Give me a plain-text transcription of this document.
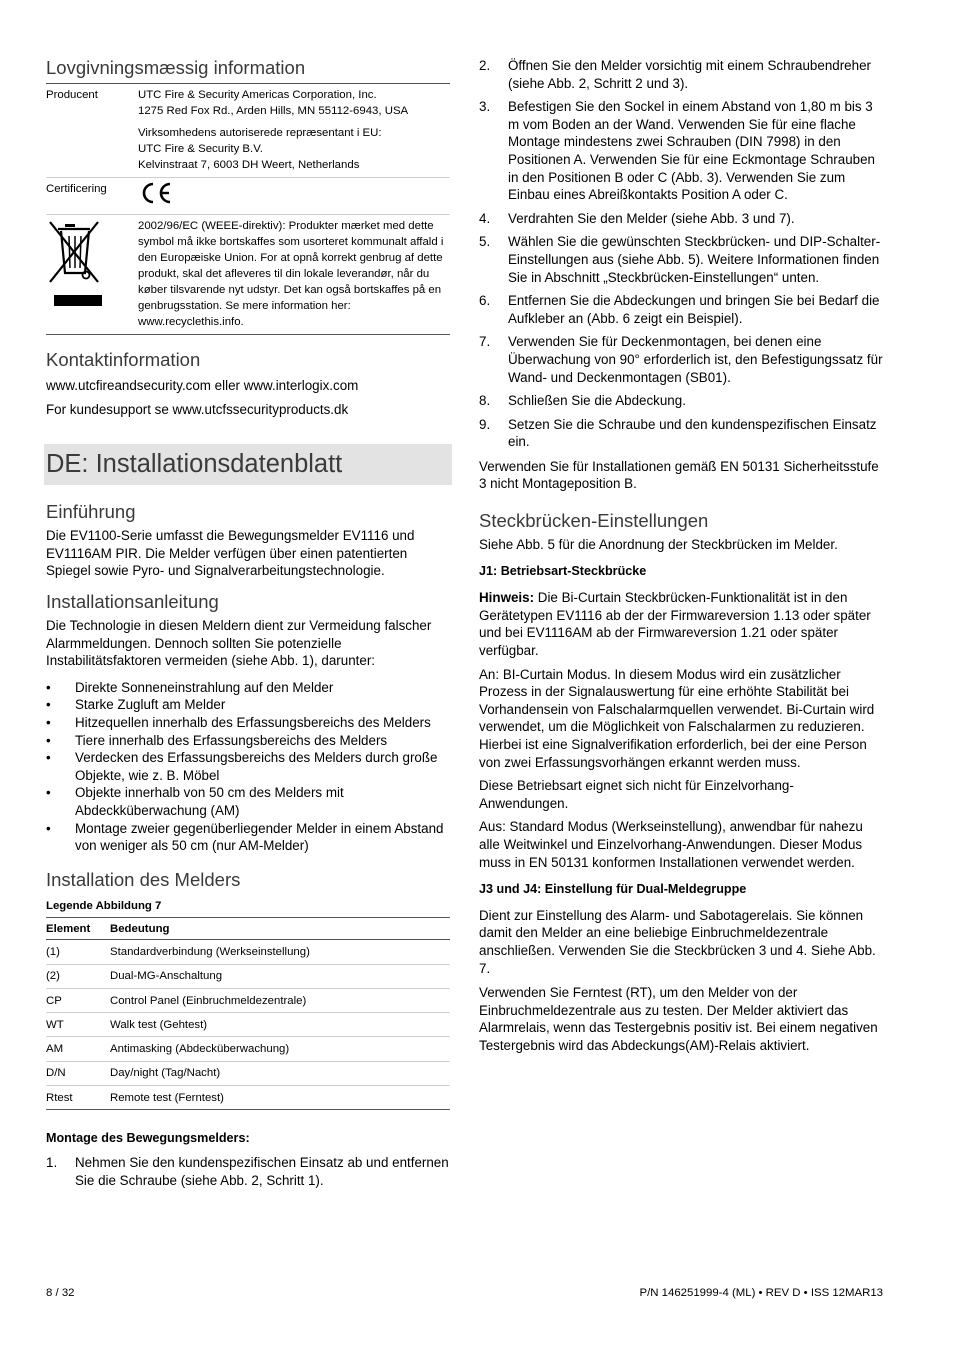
Lovgivningsmæssig information
Producent	UTC Fire & Security Americas Corporation, Inc.
1275 Red Fox Rd., Arden Hills, MN 55112-6943, USA
Virksomhedens autoriserede repræsentant i EU:
UTC Fire & Security B.V.
Kelvinstraat 7, 6003 DH Weert, Netherlands

Certificering	
	2002/96/EC (WEEE-direktiv): Produkter mærket med dette symbol må ikke bortskaffes som usorteret kommunalt affald i den Europæiske Union. For at opnå korrekt genbrug af dette produkt, skal det afleveres til din lokale leverandør, når du køber tilsvarende nyt udstyr. Det kan også bortskaffes på en genbrugsstation. Se mere information her: www.recyclethis.info.
Kontaktinformation

www.utcfireandsecurity.com eller www.interlogix.com

For kundesupport se www.utcfssecurityproducts.dk

DE: Installationsdatenblatt
Einführung

Die EV1100-Serie umfasst die Bewegungsmelder EV1116 und EV1116AM PIR. Die Melder verfügen über einen patentierten Spiegel sowie Pyro- und Signalverarbeitungstechnologie.

Installationsanleitung

Die Technologie in diesen Meldern dient zur Vermeidung falscher Alarmmeldungen. Dennoch sollten Sie potenzielle Instabilitätsfaktoren vermeiden (siehe Abb. 1), darunter:

• Direkte Sonneneinstrahlung auf den Melder
• Starke Zugluft am Melder
• Hitzequellen innerhalb des Erfassungsbereichs des Melders
• Tiere innerhalb des Erfassungsbereichs des Melders
• Verdecken des Erfassungsbereichs des Melders durch große Objekte, wie z. B. Möbel
• Objekte innerhalb von 50 cm des Melders mit Abdeckküberwachung (AM)
• Montage zweier gegenüberliegender Melder in einem Abstand von weniger als 50 cm (nur AM-Melder)
Installation des Melders

Legende Abbildung 7

Element	Bedeutung
(1)	Standardverbindung (Werkseinstellung)
(2)	Dual-MG-Anschaltung
CP	Control Panel (Einbruchmeldezentrale)
WT	Walk test (Gehtest)
AM	Antimasking (Abdecküberwachung)
D/N	Day/night (Tag/Nacht)
Rtest	Remote test (Ferntest)

Montage des Bewegungsmelders:

1. Nehmen Sie den kundenspezifischen Einsatz ab und entfernen Sie die Schraube (siehe Abb. 2, Schritt 1).
2. Öffnen Sie den Melder vorsichtig mit einem Schraubendreher (siehe Abb. 2, Schritt 2 und 3).
3. Befestigen Sie den Sockel in einem Abstand von 1,80 m bis 3 m vom Boden an der Wand. Verwenden Sie für eine flache Montage mindestens zwei Schrauben (DIN 7998) in den Positionen A. Verwenden Sie für eine Eckmontage Schrauben in den Positionen B oder C (Abb. 3). Verwenden Sie zum Einbau eines Abreißkontakts Position A oder C.
4. Verdrahten Sie den Melder (siehe Abb. 3 und 7).
5. Wählen Sie die gewünschten Steckbrücken- und DIP-Schalter-Einstellungen aus (siehe Abb. 5). Weitere Informationen finden Sie in Abschnitt „Steckbrücken-Einstellungen“ unten.
6. Entfernen Sie die Abdeckungen und bringen Sie bei Bedarf die Aufkleber an (Abb. 6 zeigt ein Beispiel).
7. Verwenden Sie für Deckenmontagen, bei denen eine Überwachung von 90° erforderlich ist, den Befestigungssatz für Wand- und Deckenmontagen (SB01).
8. Schließen Sie die Abdeckung.
9. Setzen Sie die Schraube und den kundenspezifischen Einsatz ein.

Verwenden Sie für Installationen gemäß EN 50131 Sicherheitsstufe 3 nicht Montageposition B.

Steckbrücken-Einstellungen

Siehe Abb. 5 für die Anordnung der Steckbrücken im Melder.

J1: Betriebsart-Steckbrücke

Hinweis: Die Bi-Curtain Steckbrücken-Funktionalität ist in den Gerätetypen EV1116 ab der der Firmwareversion 1.13 oder später und bei EV1116AM ab der Firmwareversion 1.21 oder später verfügbar.

An: BI-Curtain Modus. In diesem Modus wird ein zusätzlicher Prozess in der Signalauswertung für eine erhöhte Stabilität bei Vorhandensein von Falschalarmquellen verwendet. Bi-Curtain wird verwendet, um die Möglichkeit von Falschalarmen zu reduzieren. Hierbei ist eine Signalverifikation erforderlich, bei der eine Person von zwei Erfassungsvorhängen erkannt werden muss.

Diese Betriebsart eignet sich nicht für Einzelvorhang-Anwendungen.

Aus: Standard Modus (Werkseinstellung), anwendbar für nahezu alle Weitwinkel und Einzelvorhang-Anwendungen. Dieser Modus muss in EN 50131 konformen Installationen verwendet werden.

J3 und J4: Einstellung für Dual-Meldegruppe

Dient zur Einstellung des Alarm- und Sabotagerelais. Sie können damit den Melder an eine beliebige Einbruchmeldezentrale anschließen. Verwenden Sie die Steckbrücken 3 und 4. Siehe Abb. 7.

Verwenden Sie Ferntest (RT), um den Melder von der Einbruchmeldezentrale aus zu testen. Der Melder aktiviert das Alarmrelais, wenn das Testergebnis positiv ist. Bei einem negativen Testergebnis wird das Abdeckungs(AM)-Relais aktiviert.

8 / 32	P/N 146251999-4 (ML) • REV D • ISS 12MAR13
